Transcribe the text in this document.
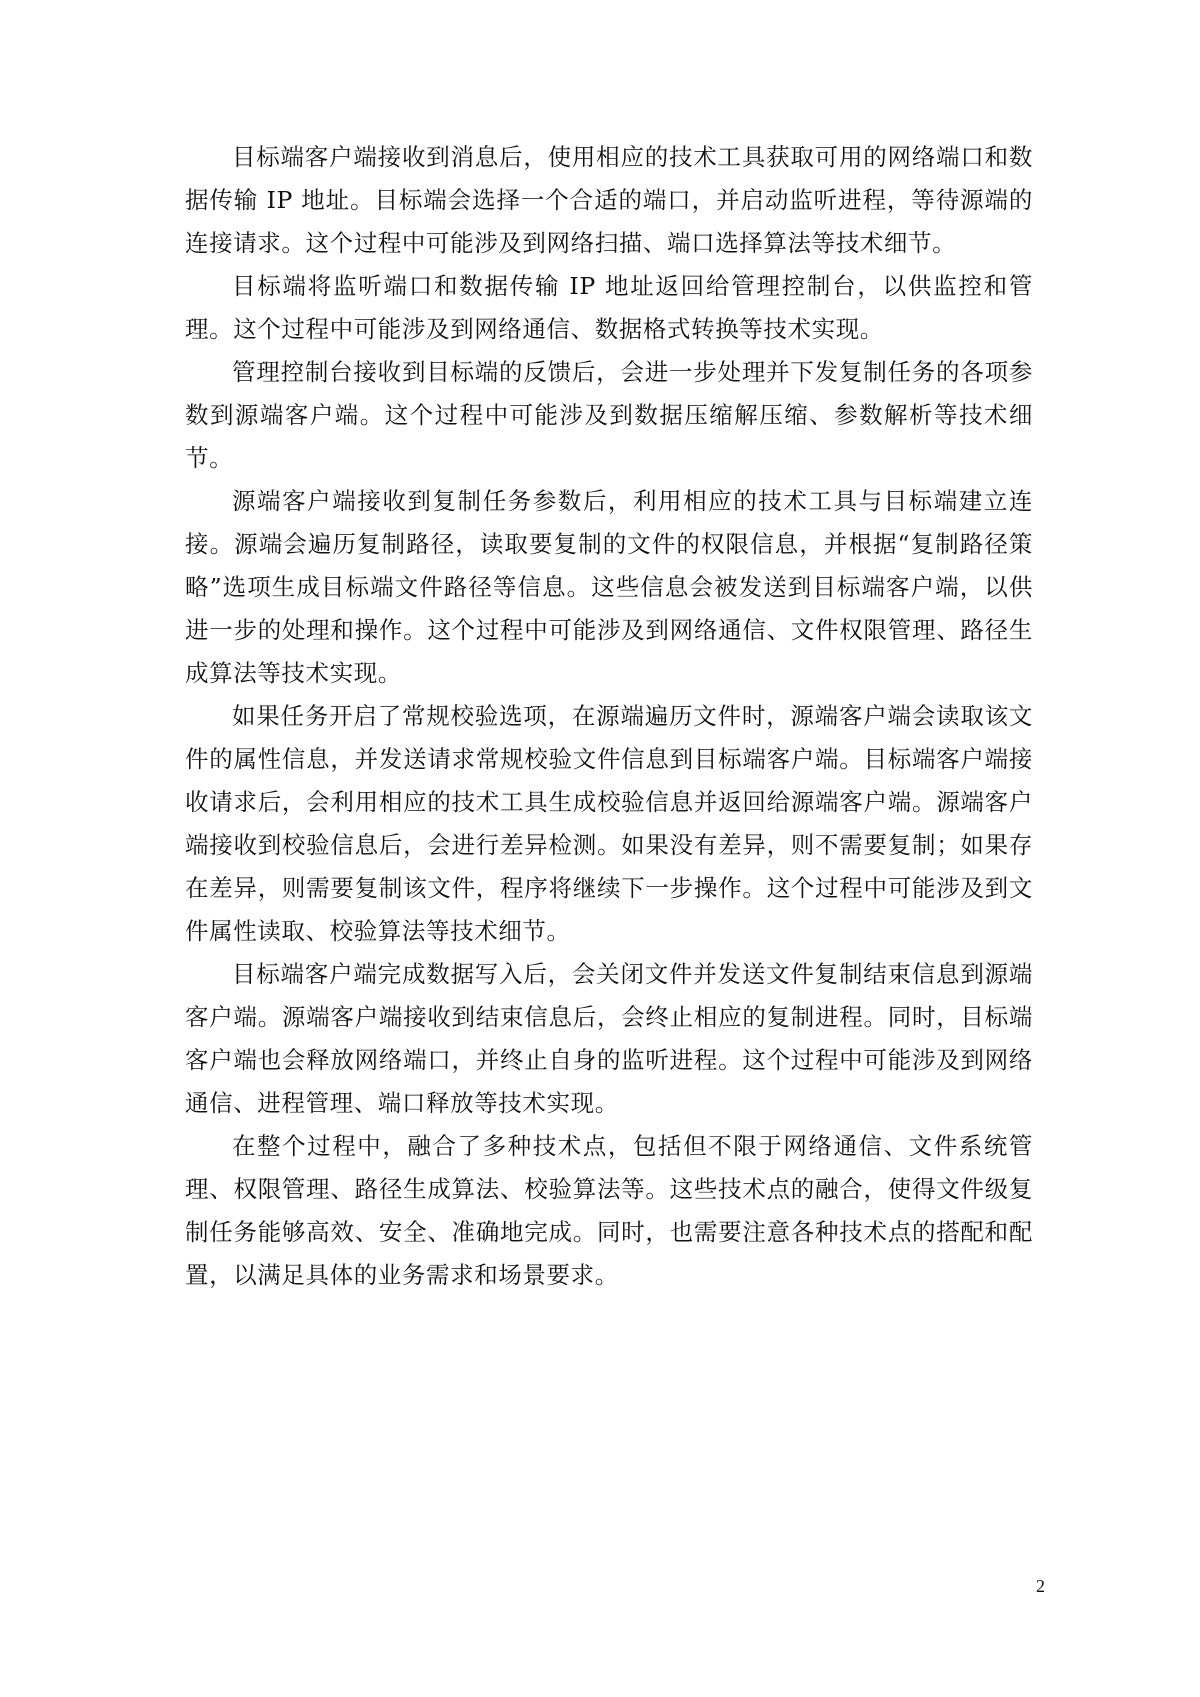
目标端客户端接收到消息后，使用相应的技术工具获取可用的网络端口和数据传输 IP 地址。目标端会选择一个合适的端口，并启动监听进程，等待源端的连接请求。这个过程中可能涉及到网络扫描、端口选择算法等技术细节。

目标端将监听端口和数据传输 IP 地址返回给管理控制台，以供监控和管理。这个过程中可能涉及到网络通信、数据格式转换等技术实现。

管理控制台接收到目标端的反馈后，会进一步处理并下发复制任务的各项参数到源端客户端。这个过程中可能涉及到数据压缩解压缩、参数解析等技术细节。

源端客户端接收到复制任务参数后，利用相应的技术工具与目标端建立连接。源端会遍历复制路径，读取要复制的文件的权限信息，并根据“复制路径策略”选项生成目标端文件路径等信息。这些信息会被发送到目标端客户端，以供进一步的处理和操作。这个过程中可能涉及到网络通信、文件权限管理、路径生成算法等技术实现。

如果任务开启了常规校验选项，在源端遍历文件时，源端客户端会读取该文件的属性信息，并发送请求常规校验文件信息到目标端客户端。目标端客户端接收请求后，会利用相应的技术工具生成校验信息并返回给源端客户端。源端客户端接收到校验信息后，会进行差异检测。如果没有差异，则不需要复制；如果存在差异，则需要复制该文件，程序将继续下一步操作。这个过程中可能涉及到文件属性读取、校验算法等技术细节。

目标端客户端完成数据写入后，会关闭文件并发送文件复制结束信息到源端客户端。源端客户端接收到结束信息后，会终止相应的复制进程。同时，目标端客户端也会释放网络端口，并终止自身的监听进程。这个过程中可能涉及到网络通信、进程管理、端口释放等技术实现。

在整个过程中，融合了多种技术点，包括但不限于网络通信、文件系统管理、权限管理、路径生成算法、校验算法等。这些技术点的融合，使得文件级复制任务能够高效、安全、准确地完成。同时，也需要注意各种技术点的搭配和配置，以满足具体的业务需求和场景要求。

2
